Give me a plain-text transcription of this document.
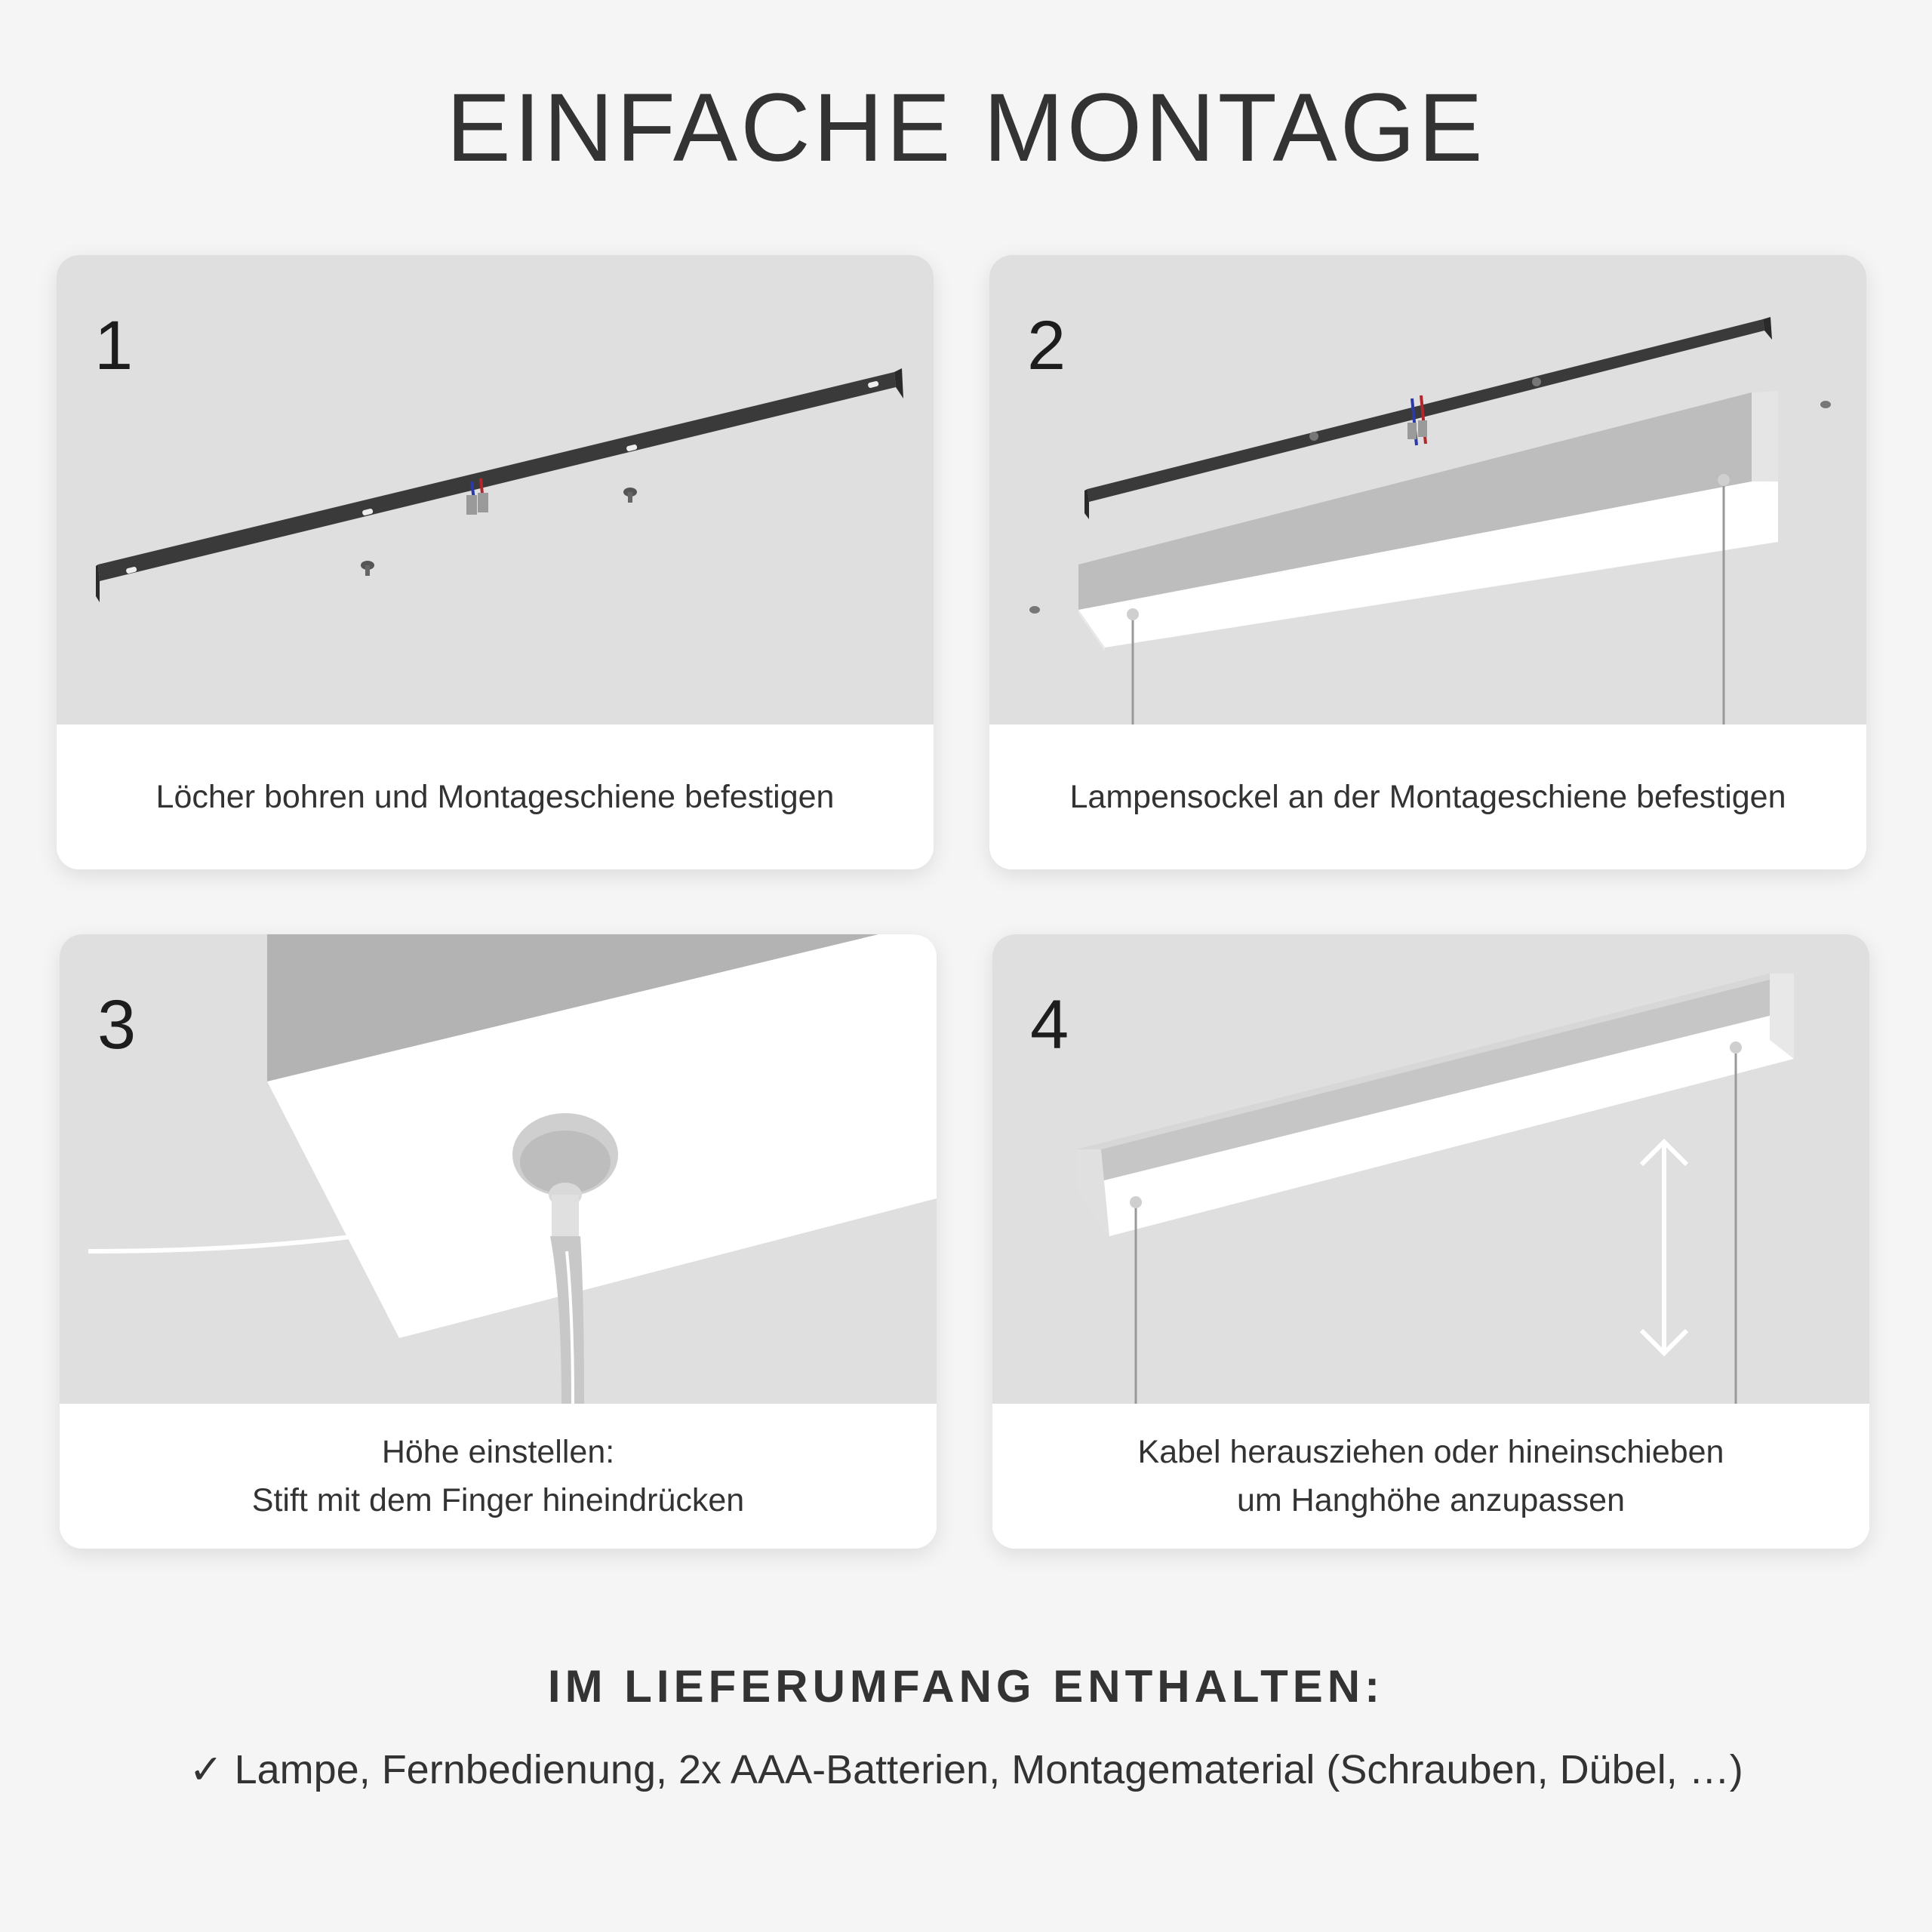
EINFACHE MONTAGE
1
Löcher bohren und Montageschiene befestigen
2
Lampensockel an der Montageschiene befestigen
3
Höhe einstellen:
Stift mit dem Finger hineindrücken
4
Kabel herausziehen oder hineinschieben
um Hanghöhe anzupassen
IM LIEFERUMFANG ENTHALTEN:
✓ Lampe, Fernbedienung, 2x AAA-Batterien, Montagematerial (Schrauben, Dübel, …)
